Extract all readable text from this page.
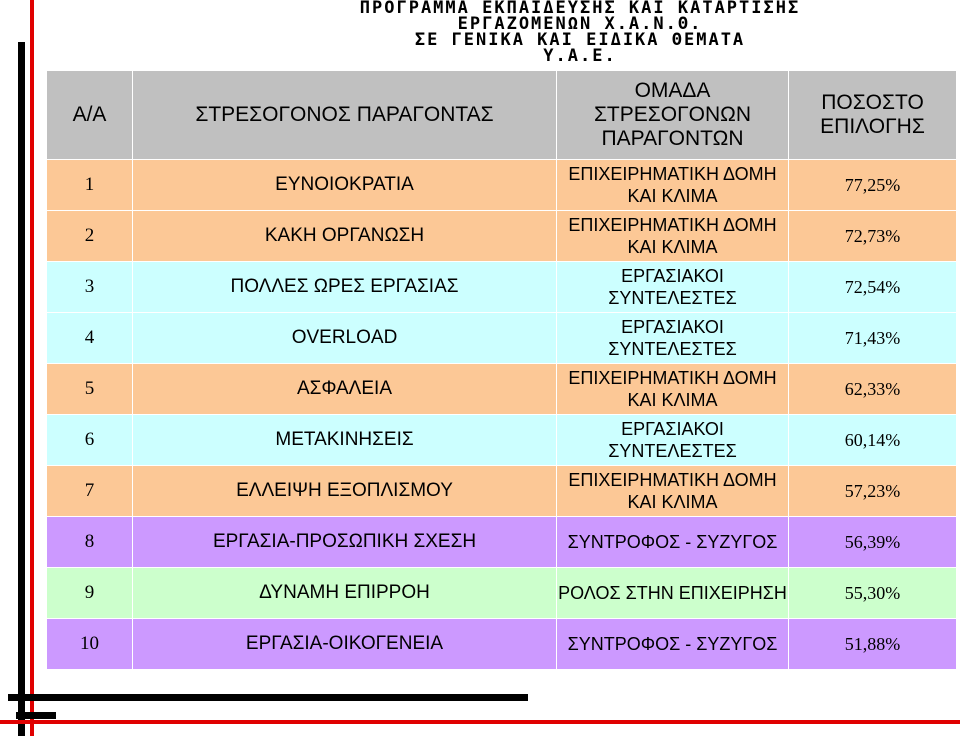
ΠΡΟΓΡΑΜΜΑ ΕΚΠΑΙΔΕΥΣΗΣ ΚΑΙ ΚΑΤΑΡΤΙΣΗΣ
ΕΡΓΑΖΟΜΕΝΩΝ Χ.Α.Ν.Θ.
ΣΕ ΓΕΝΙΚΑ ΚΑΙ ΕΙΔΙΚΑ ΘΕΜΑΤΑ
Υ.Α.Ε.
Α/Α	ΣΤΡΕΣΟΓΟΝΟΣ ΠΑΡΑΓΟΝΤΑΣ	ΟΜΑΔΑ ΣΤΡΕΣΟΓΟΝΩΝ ΠΑΡΑΓΟΝΤΩΝ	ΠΟΣΟΣΤΟ ΕΠΙΛΟΓΗΣ
1	ΕΥΝΟΙΟΚΡΑΤΙΑ	ΕΠΙΧΕΙΡΗΜΑΤΙΚΗ ΔΟΜΗ ΚΑΙ ΚΛΙΜΑ	77,25%
2	ΚΑΚΗ ΟΡΓΑΝΩΣΗ	ΕΠΙΧΕΙΡΗΜΑΤΙΚΗ ΔΟΜΗ ΚΑΙ ΚΛΙΜΑ	72,73%
3	ΠΟΛΛΕΣ ΩΡΕΣ ΕΡΓΑΣΙΑΣ	ΕΡΓΑΣΙΑΚΟΙ ΣΥΝΤΕΛΕΣΤΕΣ	72,54%
4	OVERLOAD	ΕΡΓΑΣΙΑΚΟΙ ΣΥΝΤΕΛΕΣΤΕΣ	71,43%
5	ΑΣΦΑΛΕΙΑ	ΕΠΙΧΕΙΡΗΜΑΤΙΚΗ ΔΟΜΗ ΚΑΙ ΚΛΙΜΑ	62,33%
6	ΜΕΤΑΚΙΝΗΣΕΙΣ	ΕΡΓΑΣΙΑΚΟΙ ΣΥΝΤΕΛΕΣΤΕΣ	60,14%
7	ΕΛΛΕΙΨΗ ΕΞΟΠΛΙΣΜΟΥ	ΕΠΙΧΕΙΡΗΜΑΤΙΚΗ ΔΟΜΗ ΚΑΙ ΚΛΙΜΑ	57,23%
8	ΕΡΓΑΣΙΑ-ΠΡΟΣΩΠΙΚΗ ΣΧΕΣΗ	ΣΥΝΤΡΟΦΟΣ - ΣΥΖΥΓΟΣ	56,39%
9	ΔΥΝΑΜΗ ΕΠΙΡΡΟΗ	ΡΟΛΟΣ ΣΤΗΝ ΕΠΙΧΕΙΡΗΣΗ	55,30%
10	ΕΡΓΑΣΙΑ-ΟΙΚΟΓΕΝΕΙΑ	ΣΥΝΤΡΟΦΟΣ - ΣΥΖΥΓΟΣ	51,88%
